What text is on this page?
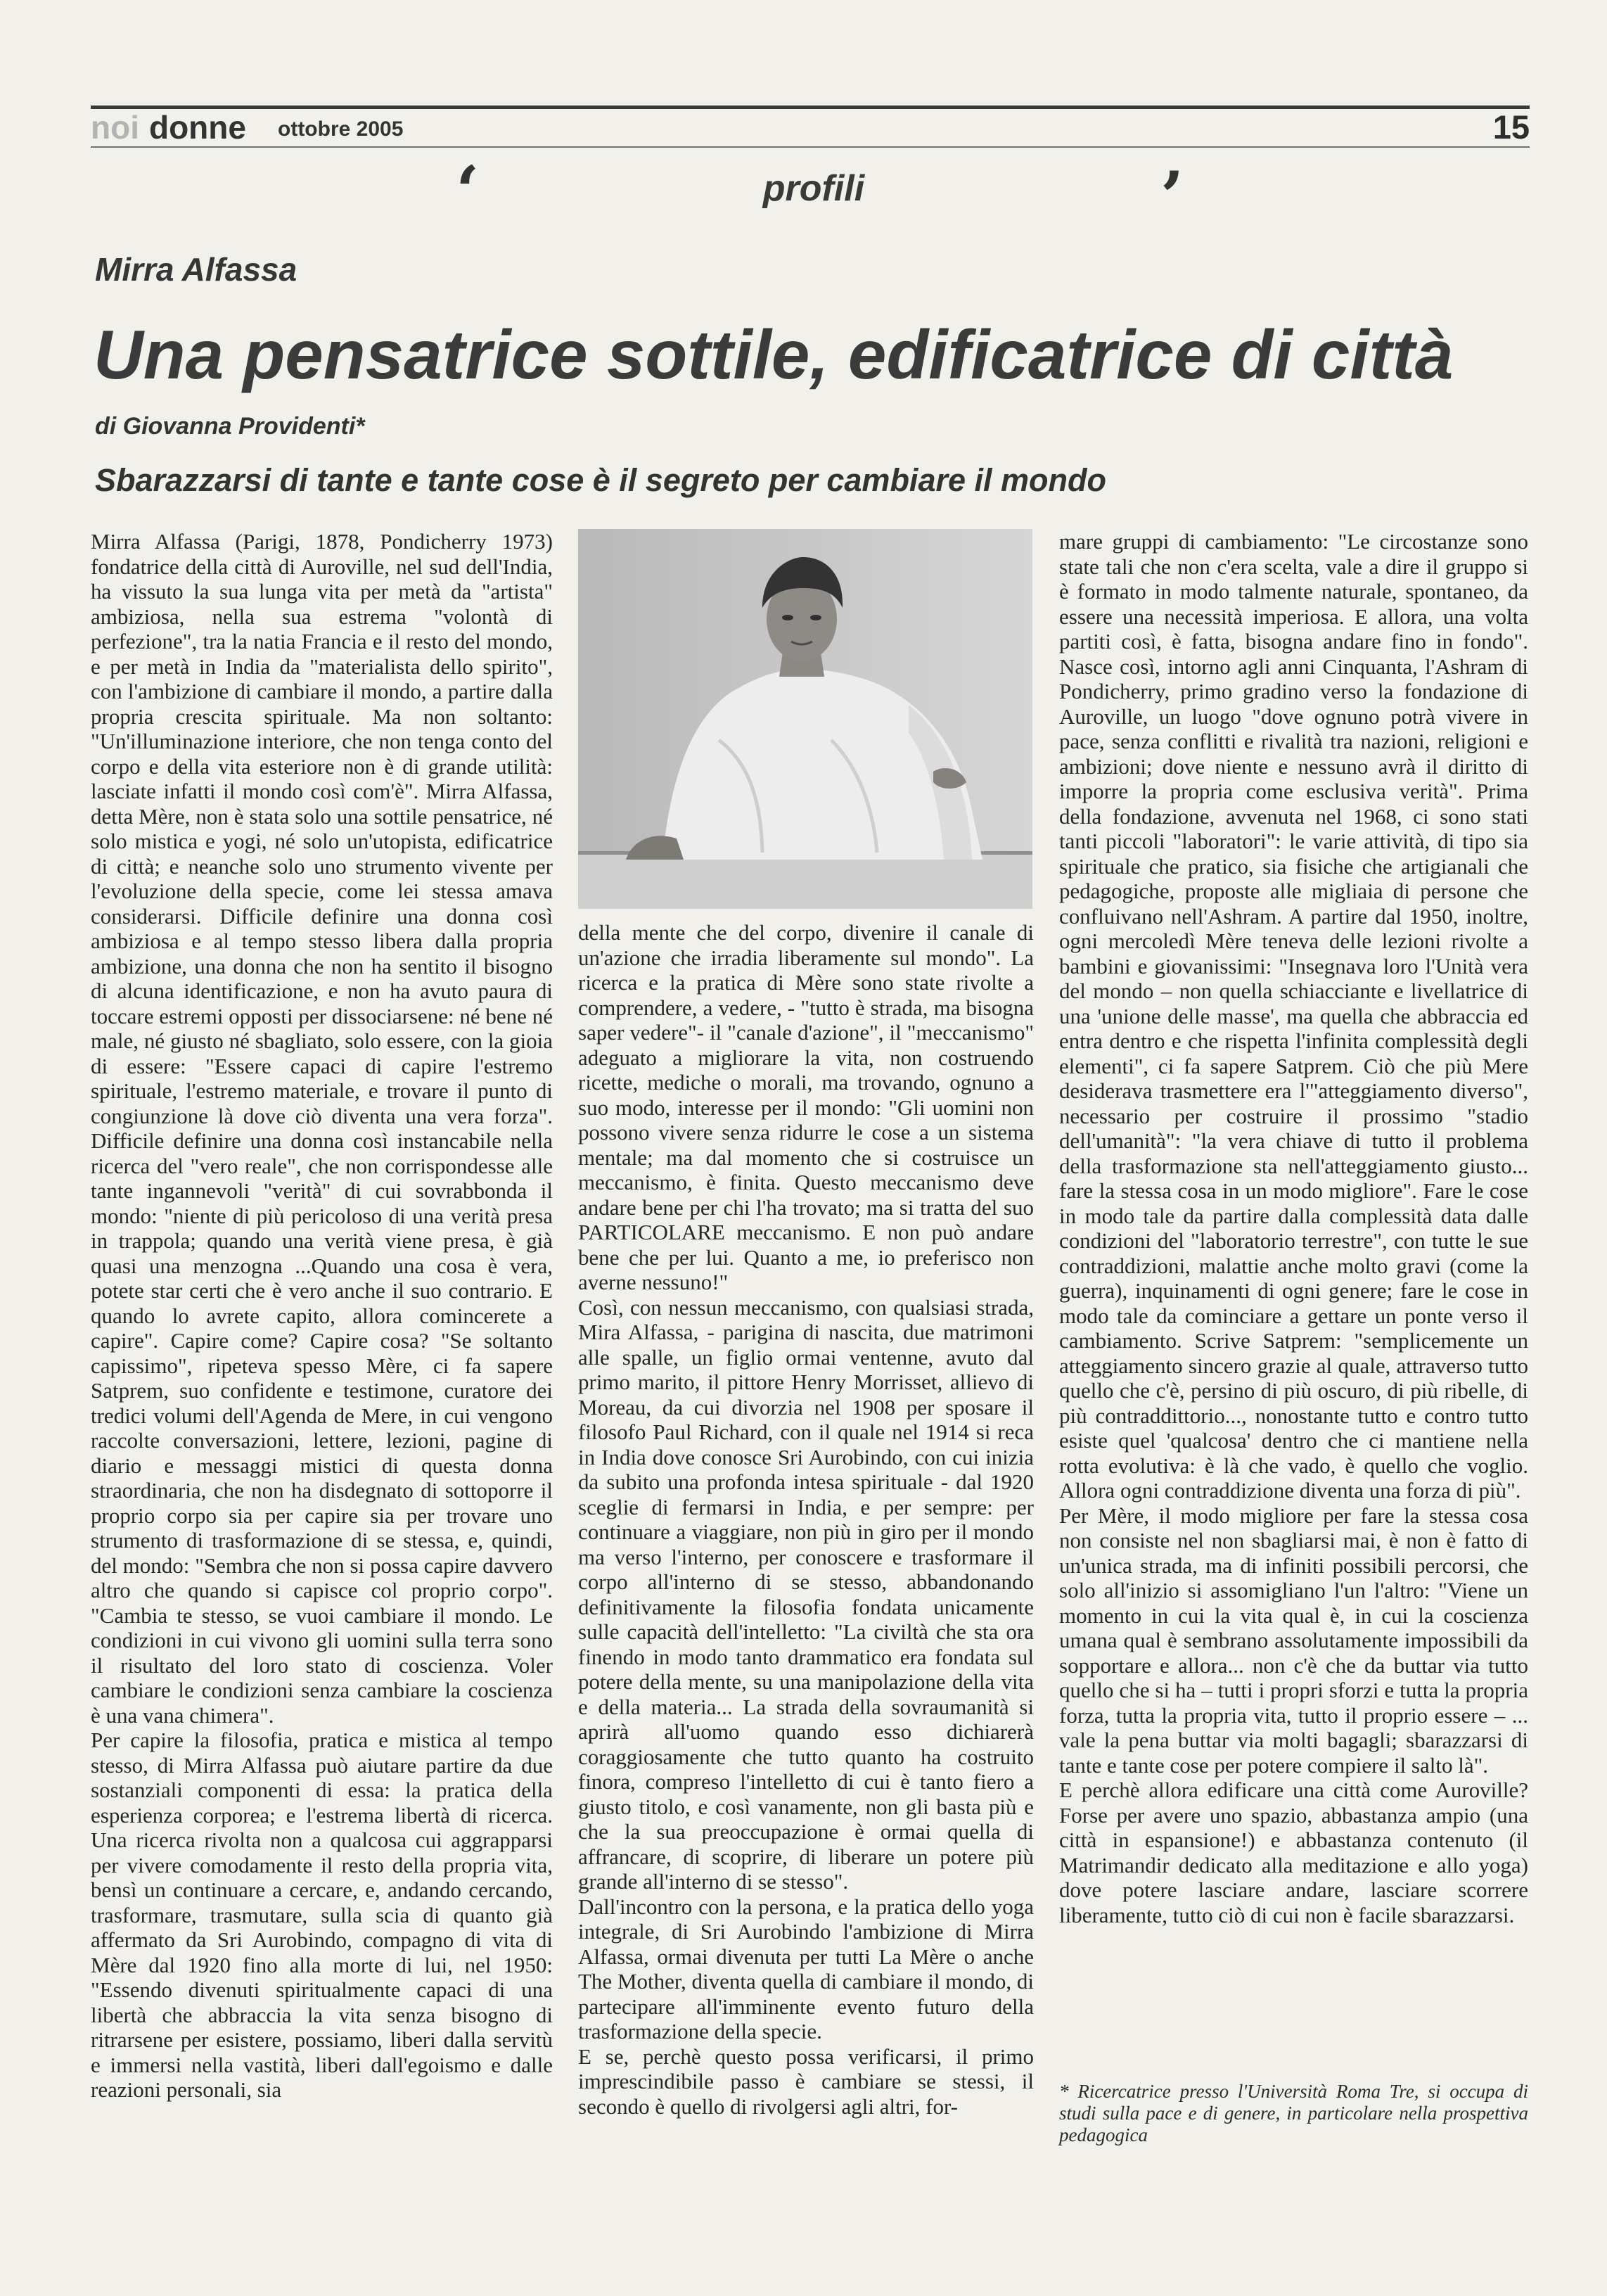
noi donne ottobre 2005	15
‘	profili	’
Mirra Alfassa
Una pensatrice sottile, edificatrice di città
di Giovanna Providenti*
Sbarazzarsi di tante e tante cose è il segreto per cambiare il mondo

Mirra Alfassa (Parigi, 1878, Pondicherry 1973) fondatrice della città di Auroville, nel sud dell'India, ha vissuto la sua lunga vita per metà da "artista" ambiziosa, nella sua estrema "volontà di perfezione", tra la natia Francia e il resto del mondo, e per metà in India da "materialista dello spirito", con l'ambizione di cambiare il mondo, a partire dalla propria crescita spirituale. Ma non soltanto: "Un'illuminazione interiore, che non tenga conto del corpo e della vita esteriore non è di grande utilità: lasciate infatti il mondo così com'è". Mirra Alfassa, detta Mère, non è stata solo una sottile pensatrice, né solo mistica e yogi, né solo un'utopista, edificatrice di città; e neanche solo uno strumento vivente per l'evoluzione della specie, come lei stessa amava considerarsi. Difficile definire una donna così ambiziosa e al tempo stesso libera dalla propria ambizione, una donna che non ha sentito il bisogno di alcuna identificazione, e non ha avuto paura di toccare estremi opposti per dissociarsene: né bene né male, né giusto né sbagliato, solo essere, con la gioia di essere: "Essere capaci di capire l'estremo spirituale, l'estremo materiale, e trovare il punto di congiunzione là dove ciò diventa una vera forza". Difficile definire una donna così instancabile nella ricerca del "vero reale", che non corrispondesse alle tante ingannevoli "verità" di cui sovrabbonda il mondo: "niente di più pericoloso di una verità presa in trappola; quando una verità viene presa, è già quasi una menzogna ...Quando una cosa è vera, potete star certi che è vero anche il suo contrario. E quando lo avrete capito, allora comincerete a capire". Capire come? Capire cosa? "Se soltanto capissimo", ripeteva spesso Mère, ci fa sapere Satprem, suo confidente e testimone, curatore dei tredici volumi dell'Agenda de Mere, in cui vengono raccolte conversazioni, lettere, lezioni, pagine di diario e messaggi mistici di questa donna straordinaria, che non ha disdegnato di sottoporre il proprio corpo sia per capire sia per trovare uno strumento di trasformazione di se stessa, e, quindi, del mondo: "Sembra che non si possa capire davvero altro che quando si capisce col proprio corpo". "Cambia te stesso, se vuoi cambiare il mondo. Le condizioni in cui vivono gli uomini sulla terra sono il risultato del loro stato di coscienza. Voler cambiare le condizioni senza cambiare la coscienza è una vana chimera".

Per capire la filosofia, pratica e mistica al tempo stesso, di Mirra Alfassa può aiutare partire da due sostanziali componenti di essa: la pratica della esperienza corporea; e l'estrema libertà di ricerca. Una ricerca rivolta non a qualcosa cui aggrapparsi per vivere comodamente il resto della propria vita, bensì un continuare a cercare, e, andando cercando, trasformare, trasmutare, sulla scia di quanto già affermato da Sri Aurobindo, compagno di vita di Mère dal 1920 fino alla morte di lui, nel 1950: "Essendo divenuti spiritualmente capaci di una libertà che abbraccia la vita senza bisogno di ritrarsene per esistere, possiamo, liberi dalla servitù e immersi nella vastità, liberi dall'egoismo e dalle reazioni personali, sia

della mente che del corpo, divenire il canale di un'azione che irradia liberamente sul mondo". La ricerca e la pratica di Mère sono state rivolte a comprendere, a vedere, - "tutto è strada, ma bisogna saper vedere"- il "canale d'azione", il "meccanismo" adeguato a migliorare la vita, non costruendo ricette, mediche o morali, ma trovando, ognuno a suo modo, interesse per il mondo: "Gli uomini non possono vivere senza ridurre le cose a un sistema mentale; ma dal momento che si costruisce un meccanismo, è finita. Questo meccanismo deve andare bene per chi l'ha trovato; ma si tratta del suo PARTICOLARE meccanismo. E non può andare bene che per lui. Quanto a me, io preferisco non averne nessuno!"

Così, con nessun meccanismo, con qualsiasi strada, Mira Alfassa, - parigina di nascita, due matrimoni alle spalle, un figlio ormai ventenne, avuto dal primo marito, il pittore Henry Morrisset, allievo di Moreau, da cui divorzia nel 1908 per sposare il filosofo Paul Richard, con il quale nel 1914 si reca in India dove conosce Sri Aurobindo, con cui inizia da subito una profonda intesa spirituale - dal 1920 sceglie di fermarsi in India, e per sempre: per continuare a viaggiare, non più in giro per il mondo ma verso l'interno, per conoscere e trasformare il corpo all'interno di se stesso, abbandonando definitivamente la filosofia fondata unicamente sulle capacità dell'intelletto: "La civiltà che sta ora finendo in modo tanto drammatico era fondata sul potere della mente, su una manipolazione della vita e della materia... La strada della sovraumanità si aprirà all'uomo quando esso dichiarerà coraggiosamente che tutto quanto ha costruito finora, compreso l'intelletto di cui è tanto fiero a giusto titolo, e così vanamente, non gli basta più e che la sua preoccupazione è ormai quella di affrancare, di scoprire, di liberare un potere più grande all'interno di se stesso".

Dall'incontro con la persona, e la pratica dello yoga integrale, di Sri Aurobindo l'ambizione di Mirra Alfassa, ormai divenuta per tutti La Mère o anche The Mother, diventa quella di cambiare il mondo, di partecipare all'imminente evento futuro della trasformazione della specie.

E se, perchè questo possa verificarsi, il primo imprescindibile passo è cambiare se stessi, il secondo è quello di rivolgersi agli altri, for-

mare gruppi di cambiamento: "Le circostanze sono state tali che non c'era scelta, vale a dire il gruppo si è formato in modo talmente naturale, spontaneo, da essere una necessità imperiosa. E allora, una volta partiti così, è fatta, bisogna andare fino in fondo". Nasce così, intorno agli anni Cinquanta, l'Ashram di Pondicherry, primo gradino verso la fondazione di Auroville, un luogo "dove ognuno potrà vivere in pace, senza conflitti e rivalità tra nazioni, religioni e ambizioni; dove niente e nessuno avrà il diritto di imporre la propria come esclusiva verità". Prima della fondazione, avvenuta nel 1968, ci sono stati tanti piccoli "laboratori": le varie attività, di tipo sia spirituale che pratico, sia fisiche che artigianali che pedagogiche, proposte alle migliaia di persone che confluivano nell'Ashram. A partire dal 1950, inoltre, ogni mercoledì Mère teneva delle lezioni rivolte a bambini e giovanissimi: "Insegnava loro l'Unità vera del mondo – non quella schiacciante e livellatrice di una 'unione delle masse', ma quella che abbraccia ed entra dentro e che rispetta l'infinita complessità degli elementi", ci fa sapere Satprem. Ciò che più Mere desiderava trasmettere era l'"atteggiamento diverso", necessario per costruire il prossimo "stadio dell'umanità": "la vera chiave di tutto il problema della trasformazione sta nell'atteggiamento giusto... fare la stessa cosa in un modo migliore". Fare le cose in modo tale da partire dalla complessità data dalle condizioni del "laboratorio terrestre", con tutte le sue contraddizioni, malattie anche molto gravi (come la guerra), inquinamenti di ogni genere; fare le cose in modo tale da cominciare a gettare un ponte verso il cambiamento. Scrive Satprem: "semplicemente un atteggiamento sincero grazie al quale, attraverso tutto quello che c'è, persino di più oscuro, di più ribelle, di più contraddittorio..., nonostante tutto e contro tutto esiste quel 'qualcosa' dentro che ci mantiene nella rotta evolutiva: è là che vado, è quello che voglio. Allora ogni contraddizione diventa una forza di più".

Per Mère, il modo migliore per fare la stessa cosa non consiste nel non sbagliarsi mai, è non è fatto di un'unica strada, ma di infiniti possibili percorsi, che solo all'inizio si assomigliano l'un l'altro: "Viene un momento in cui la vita qual è, in cui la coscienza umana qual è sembrano assolutamente impossibili da sopportare e allora... non c'è che da buttar via tutto quello che si ha – tutti i propri sforzi e tutta la propria forza, tutta la propria vita, tutto il proprio essere – ... vale la pena buttar via molti bagagli; sbarazzarsi di tante e tante cose per potere compiere il salto là".

E perchè allora edificare una città come Auroville? Forse per avere uno spazio, abbastanza ampio (una città in espansione!) e abbastanza contenuto (il Matrimandir dedicato alla meditazione e allo yoga) dove potere lasciare andare, lasciare scorrere liberamente, tutto ciò di cui non è facile sbarazzarsi.

* Ricercatrice presso l'Università Roma Tre, si occupa di studi sulla pace e di genere, in particolare nella prospettiva pedagogica
